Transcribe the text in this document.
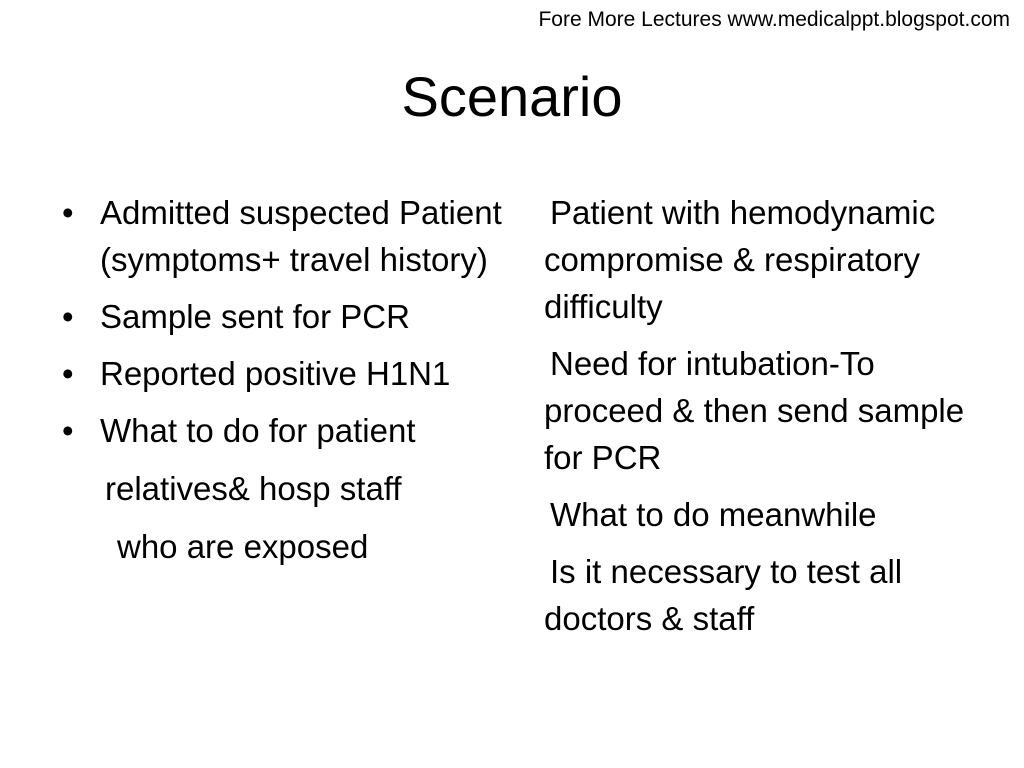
Fore More Lectures www.medicalppt.blogspot.com
Scenario
• Admitted suspected Patient (symptoms+ travel history)
• Sample sent for PCR
• Reported positive H1N1
• What to do for patient
relatives& hosp staff
who are exposed

Patient with hemodynamic compromise & respiratory difficulty

Need for intubation-To proceed & then send sample for PCR

What to do meanwhile

Is it necessary to test all doctors & staff
